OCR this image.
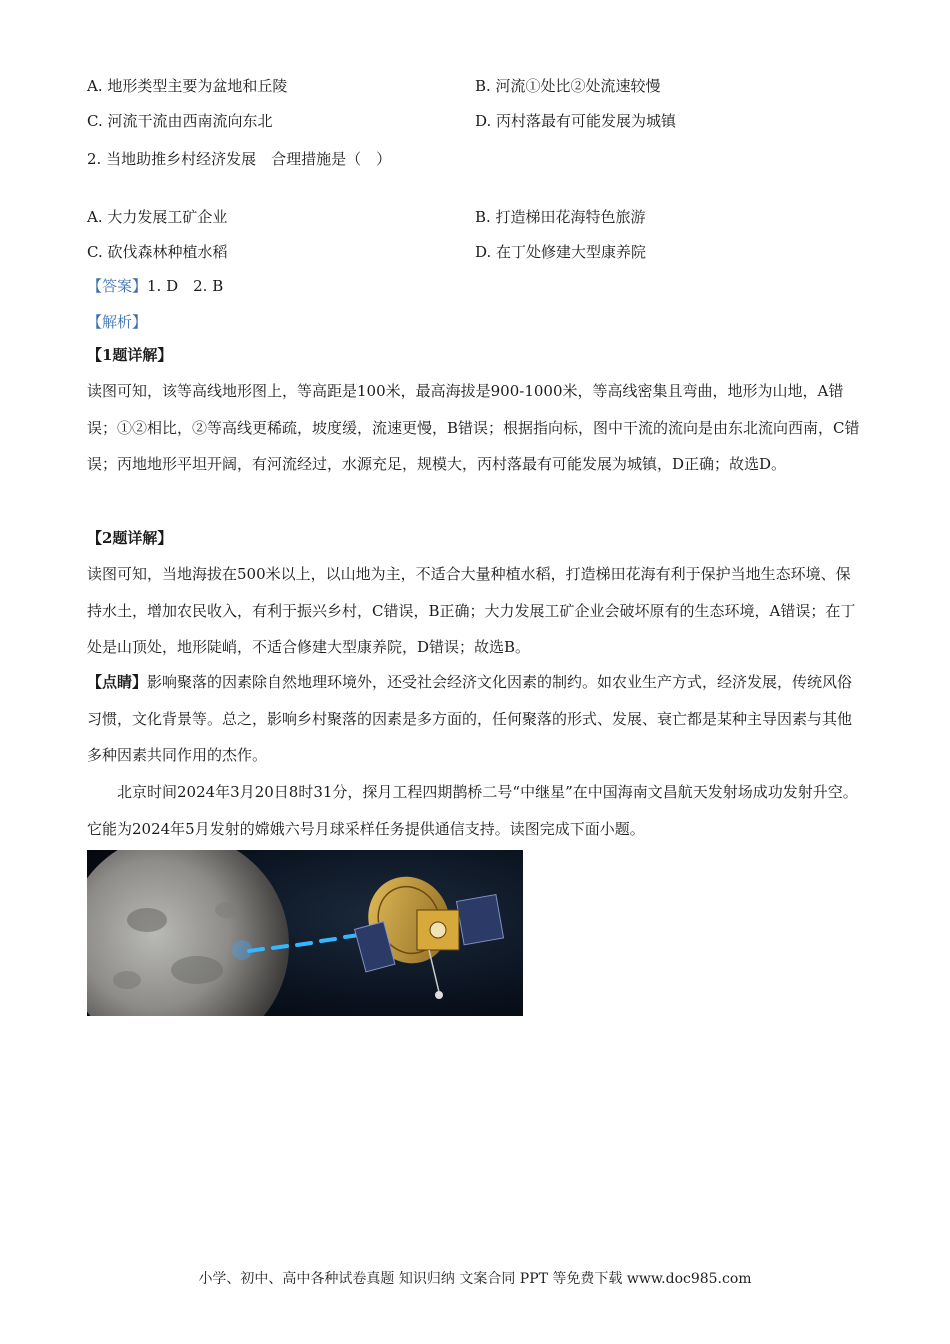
A. 地形类型主要为盆地和丘陵	B. 河流①处比②处流速较慢
C. 河流干流由西南流向东北	D. 丙村落最有可能发展为城镇
2. 当地助推乡村经济发展　合理措施是（　）
A. 大力发展工矿企业	B. 打造梯田花海特色旅游
C. 砍伐森林种植水稻	D. 在丁处修建大型康养院
【答案】1. D　2. B
【解析】
【1题详解】
读图可知，该等高线地形图上，等高距是100米，最高海拔是900-1000米，等高线密集且弯曲，地形为山地，A错误；①②相比，②等高线更稀疏，坡度缓，流速更慢，B错误；根据指向标，图中干流的流向是由东北流向西南，C错误；丙地地形平坦开阔，有河流经过，水源充足，规模大，丙村落最有可能发展为城镇，D正确；故选D。
【2题详解】
读图可知，当地海拔在500米以上，以山地为主，不适合大量种植水稻，打造梯田花海有利于保护当地生态环境、保持水土，增加农民收入，有利于振兴乡村，C错误，B正确；大力发展工矿企业会破坏原有的生态环境，A错误；在丁处是山顶处，地形陡峭，不适合修建大型康养院，D错误；故选B。
【点睛】影响聚落的因素除自然地理环境外，还受社会经济文化因素的制约。如农业生产方式，经济发展，传统风俗习惯，文化背景等。总之，影响乡村聚落的因素是多方面的，任何聚落的形式、发展、衰亡都是某种主导因素与其他多种因素共同作用的杰作。
北京时间2024年3月20日8时31分，探月工程四期鹊桥二号“中继星”在中国海南文昌航天发射场成功发射升空。它能为2024年5月发射的嫦娥六号月球采样任务提供通信支持。读图完成下面小题。
小学、初中、高中各种试卷真题 知识归纳 文案合同 PPT 等免费下载 www.doc985.com
